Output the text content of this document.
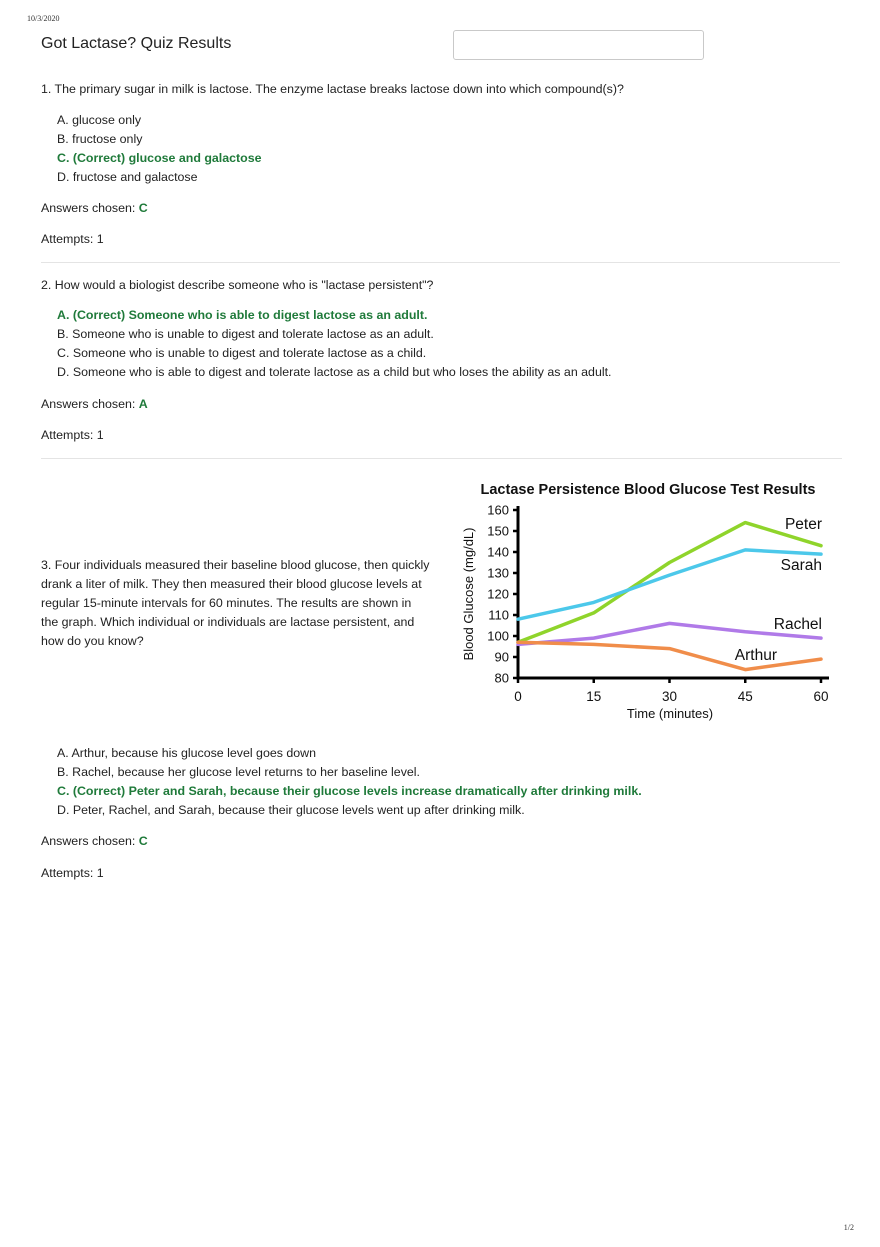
10/3/2020
Got Lactase? Quiz Results
1. The primary sugar in milk is lactose. The enzyme lactase breaks lactose down into which compound(s)?
A. glucose only
B. fructose only
C. (Correct) glucose and galactose
D. fructose and galactose
Answers chosen: C
Attempts: 1
2. How would a biologist describe someone who is "lactase persistent"?
A. (Correct) Someone who is able to digest lactose as an adult.
B. Someone who is unable to digest and tolerate lactose as an adult.
C. Someone who is unable to digest and tolerate lactose as a child.
D. Someone who is able to digest and tolerate lactose as a child but who loses the ability as an adult.
Answers chosen: A
Attempts: 1
3. Four individuals measured their baseline blood glucose, then quickly drank a liter of milk. They then measured their blood glucose levels at regular 15-minute intervals for 60 minutes. The results are shown in the graph. Which individual or individuals are lactase persistent, and how do you know?
Lactase Persistence Blood Glucose Test Results
Blood Glucose (mg/dL)
Time (minutes)
80
90
100
110
120
130
140
150
160
0	15	30	45	60
Peter
Sarah
Rachel
Arthur
A. Arthur, because his glucose level goes down
B. Rachel, because her glucose level returns to her baseline level.
C. (Correct) Peter and Sarah, because their glucose levels increase dramatically after drinking milk.
D. Peter, Rachel, and Sarah, because their glucose levels went up after drinking milk.
Answers chosen: C
Attempts: 1
1/2
